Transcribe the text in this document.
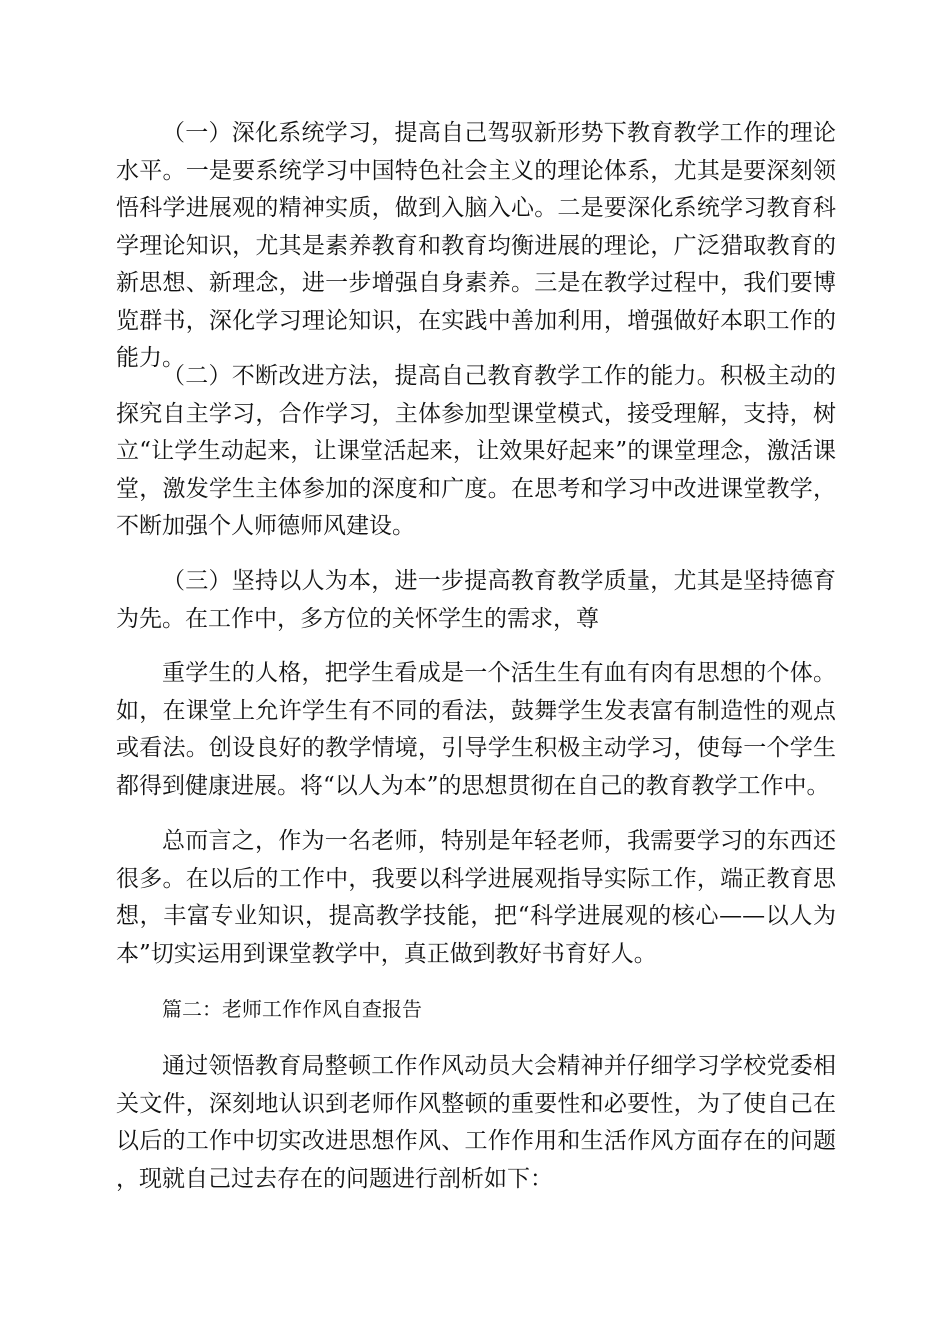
（一）深化系统学习，提高自己驾驭新形势下教育教学工作的理论水平。一是要系统学习中国特色社会主义的理论体系，尤其是要深刻领悟科学进展观的精神实质，做到入脑入心。二是要深化系统学习教育科学理论知识，尤其是素养教育和教育均衡进展的理论，广泛猎取教育的新思想、新理念，进一步增强自身素养。三是在教学过程中，我们要博览群书，深化学习理论知识，在实践中善加利用，增强做好本职工作的能力。

（二）不断改进方法，提高自己教育教学工作的能力。积极主动的探究自主学习，合作学习，主体参加型课堂模式，接受理解，支持，树立“让学生动起来，让课堂活起来，让效果好起来”的课堂理念，激活课堂，激发学生主体参加的深度和广度。在思考和学习中改进课堂教学，不断加强个人师德师风建设。

（三）坚持以人为本，进一步提高教育教学质量，尤其是坚持德育为先。在工作中，多方位的关怀学生的需求，尊

重学生的人格，把学生看成是一个活生生有血有肉有思想的个体。如，在课堂上允许学生有不同的看法，鼓舞学生发表富有制造性的观点或看法。创设良好的教学情境，引导学生积极主动学习，使每一个学生都得到健康进展。将“以人为本”的思想贯彻在自己的教育教学工作中。

总而言之，作为一名老师，特别是年轻老师，我需要学习的东西还很多。在以后的工作中，我要以科学进展观指导实际工作，端正教育思想，丰富专业知识，提高教学技能，把“科学进展观的核心——以人为本”切实运用到课堂教学中，真正做到教好书育好人。

篇二：老师工作作风自查报告

通过领悟教育局整顿工作作风动员大会精神并仔细学习学校党委相关文件，深刻地认识到老师作风整顿的重要性和必要性，为了使自己在以后的工作中切实改进思想作风、工作作用和生活作风方面存在的问题，现就自己过去存在的问题进行剖析如下：
